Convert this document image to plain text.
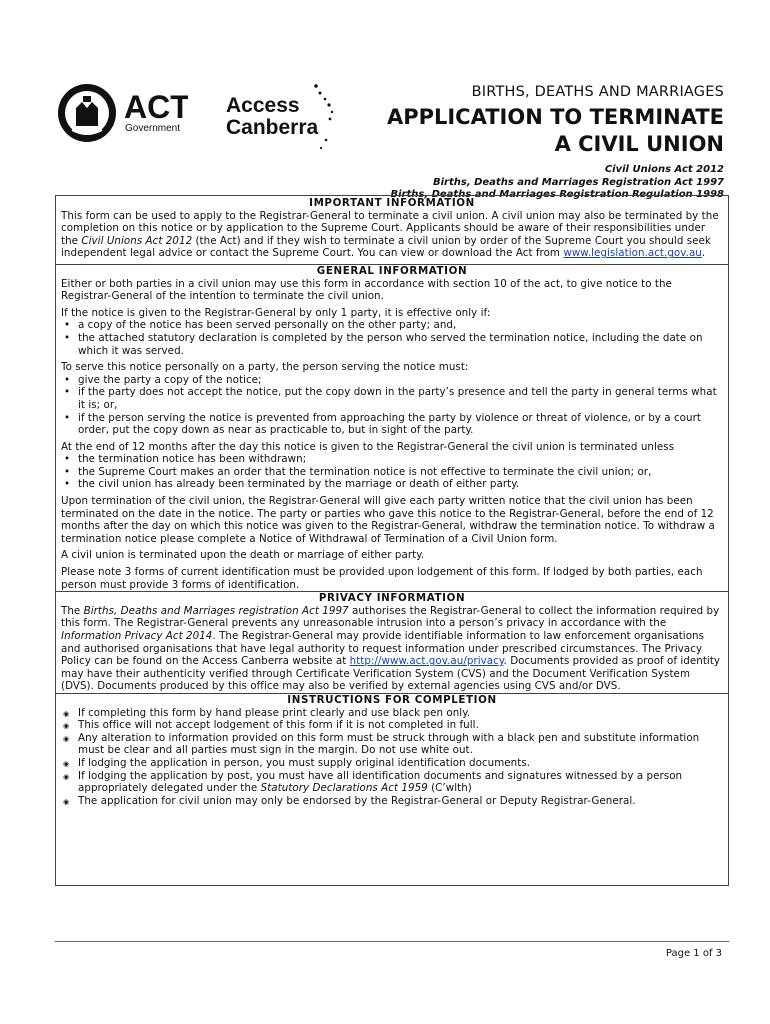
ACT
Government
Access
Canberra
BIRTHS, DEATHS AND MARRIAGES
APPLICATION TO TERMINATE
A CIVIL UNION
Civil Unions Act 2012
Births, Deaths and Marriages Registration Act 1997
Births, Deaths and Marriages Registration Regulation 1998
IMPORTANT INFORMATION

This form can be used to apply to the Registrar-General to terminate a civil union. A civil union may also be terminated by the completion on this notice or by application to the Supreme Court. Applicants should be aware of their responsibilities under the Civil Unions Act 2012 (the Act) and if they wish to terminate a civil union by order of the Supreme Court you should seek independent legal advice or contact the Supreme Court. You can view or download the Act from www.legislation.act.gov.au.

GENERAL INFORMATION

Either or both parties in a civil union may use this form in accordance with section 10 of the act, to give notice to the Registrar-General of the intention to terminate the civil union.

If the notice is given to the Registrar-General by only 1 party, it is effective only if:

• a copy of the notice has been served personally on the other party; and,
• the attached statutory declaration is completed by the person who served the termination notice, including the date on which it was served.

To serve this notice personally on a party, the person serving the notice must:

• give the party a copy of the notice;
• if the party does not accept the notice, put the copy down in the party’s presence and tell the party in general terms what it is; or,
• if the person serving the notice is prevented from approaching the party by violence or threat of violence, or by a court order, put the copy down as near as practicable to, but in sight of the party.

At the end of 12 months after the day this notice is given to the Registrar-General the civil union is terminated unless

• the termination notice has been withdrawn;
• the Supreme Court makes an order that the termination notice is not effective to terminate the civil union; or,
• the civil union has already been terminated by the marriage or death of either party.

Upon termination of the civil union, the Registrar-General will give each party written notice that the civil union has been terminated on the date in the notice. The party or parties who gave this notice to the Registrar-General, before the end of 12 months after the day on which this notice was given to the Registrar-General, withdraw the termination notice. To withdraw a termination notice please complete a Notice of Withdrawal of Termination of a Civil Union form.

A civil union is terminated upon the death or marriage of either party.

Please note 3 forms of current identification must be provided upon lodgement of this form. If lodged by both parties, each person must provide 3 forms of identification.

PRIVACY INFORMATION

The Births, Deaths and Marriages registration Act 1997 authorises the Registrar-General to collect the information required by this form. The Registrar-General prevents any unreasonable intrusion into a person’s privacy in accordance with the Information Privacy Act 2014. The Registrar-General may provide identifiable information to law enforcement organisations and authorised organisations that have legal authority to request information under prescribed circumstances. The Privacy Policy can be found on the Access Canberra website at http://www.act.gov.au/privacy. Documents provided as proof of identity may have their authenticity verified through Certificate Verification System (CVS) and the Document Verification System (DVS). Documents produced by this office may also be verified by external agencies using CVS and/or DVS.

INSTRUCTIONS FOR COMPLETION
◉ If completing this form by hand please print clearly and use black pen only.
◉ This office will not accept lodgement of this form if it is not completed in full.
◉ Any alteration to information provided on this form must be struck through with a black pen and substitute information must be clear and all parties must sign in the margin. Do not use white out.
◉ If lodging the application in person, you must supply original identification documents.
◉ If lodging the application by post, you must have all identification documents and signatures witnessed by a person appropriately delegated under the Statutory Declarations Act 1959 (C’wlth)
◉ The application for civil union may only be endorsed by the Registrar-General or Deputy Registrar-General.
Page 1 of 3
